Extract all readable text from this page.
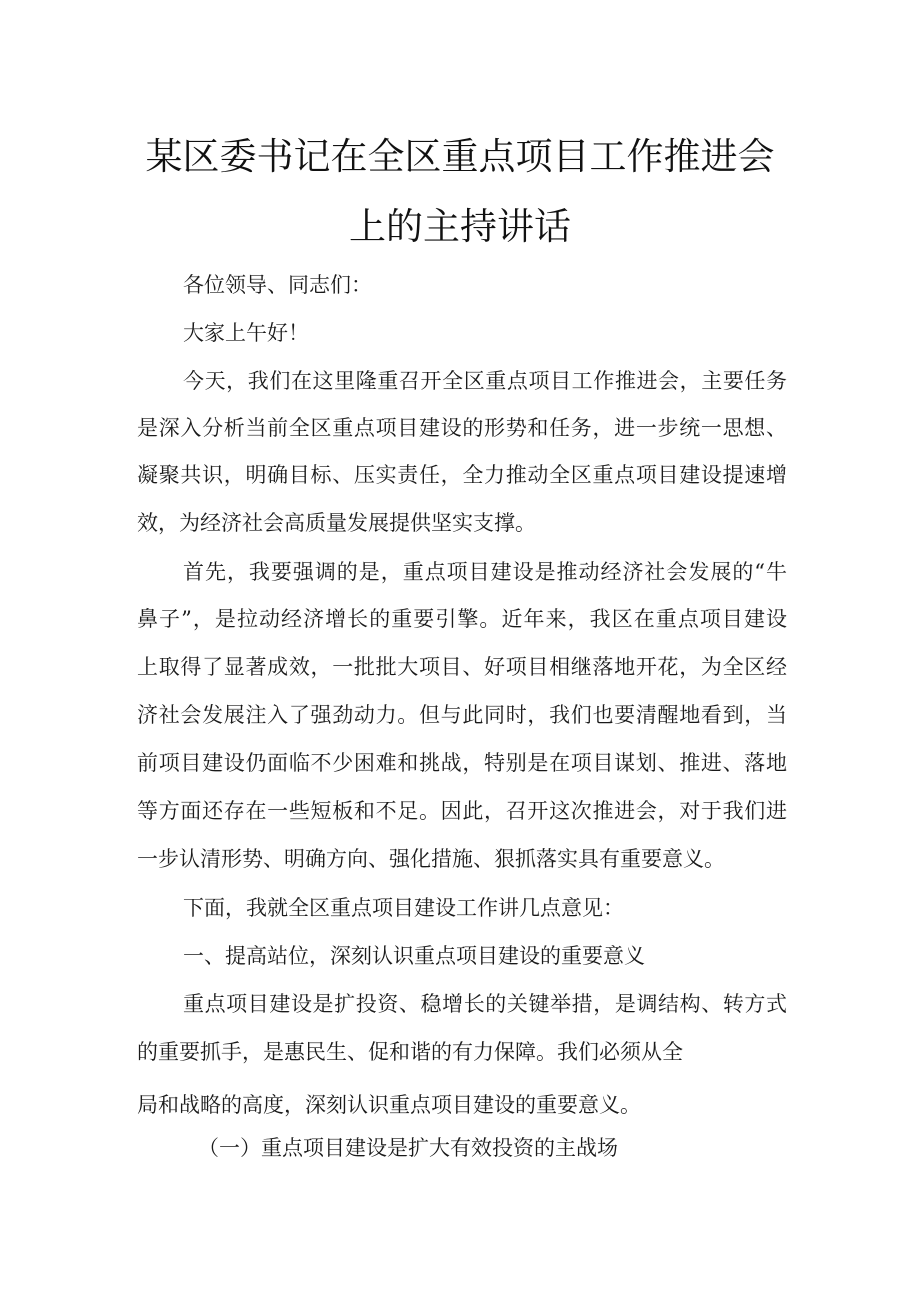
某区委书记在全区重点项目工作推进会
上的主持讲话
各位领导、同志们：
大家上午好！
今天，我们在这里隆重召开全区重点项目工作推进会，主要任务
是深入分析当前全区重点项目建设的形势和任务，进一步统一思想、
凝聚共识，明确目标、压实责任，全力推动全区重点项目建设提速增
效，为经济社会高质量发展提供坚实支撑。
首先，我要强调的是，重点项目建设是推动经济社会发展的“牛
鼻子”，是拉动经济增长的重要引擎。近年来，我区在重点项目建设
上取得了显著成效，一批批大项目、好项目相继落地开花，为全区经
济社会发展注入了强劲动力。但与此同时，我们也要清醒地看到，当
前项目建设仍面临不少困难和挑战，特别是在项目谋划、推进、落地
等方面还存在一些短板和不足。因此，召开这次推进会，对于我们进
一步认清形势、明确方向、强化措施、狠抓落实具有重要意义。
下面，我就全区重点项目建设工作讲几点意见：
一、提高站位，深刻认识重点项目建设的重要意义
重点项目建设是扩投资、稳增长的关键举措，是调结构、转方式
的重要抓手，是惠民生、促和谐的有力保障。我们必须从全
局和战略的高度，深刻认识重点项目建设的重要意义。
（一）重点项目建设是扩大有效投资的主战场
